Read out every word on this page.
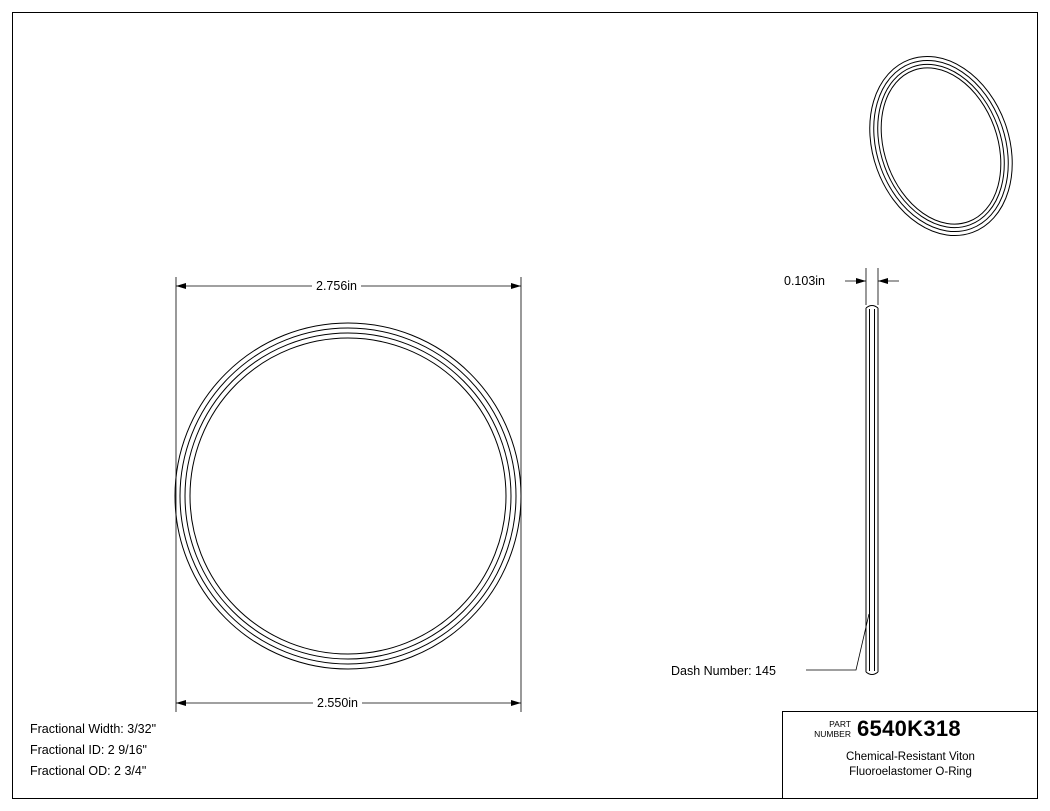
2.756in
2.550in
0.103in
Dash Number: 145
Fractional Width: 3/32"
Fractional ID: 2 9/16"
Fractional OD: 2 3/4"
PART
NUMBER 6540K318
Chemical-Resistant Viton
Fluoroelastomer O-Ring
